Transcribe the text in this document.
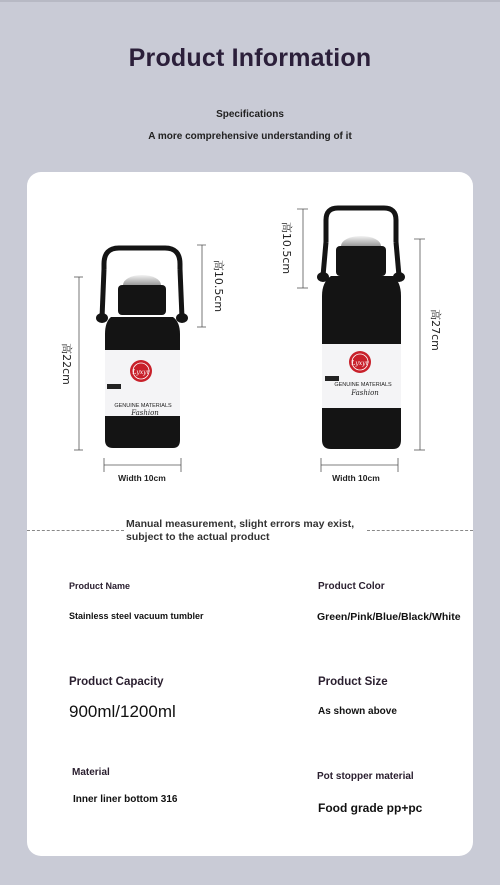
Product Information
Specifications
A more comprehensive understanding of it
Lyxyr
GENUINE MATERIALS
Fashion
高22cm
高10.5cm
Width 10cm
Lyxyr
GENUINE MATERIALS
Fashion
高10.5cm
高27cm
Width 10cm
Manual measurement, slight errors may exist, subject to the actual product
Product Name
Stainless steel vacuum tumbler
Product Color
Green/Pink/Blue/Black/White
Product Capacity
900ml/1200ml
Product Size
As shown above
Material
Inner liner bottom 316
Pot stopper material
Food grade pp+pc
